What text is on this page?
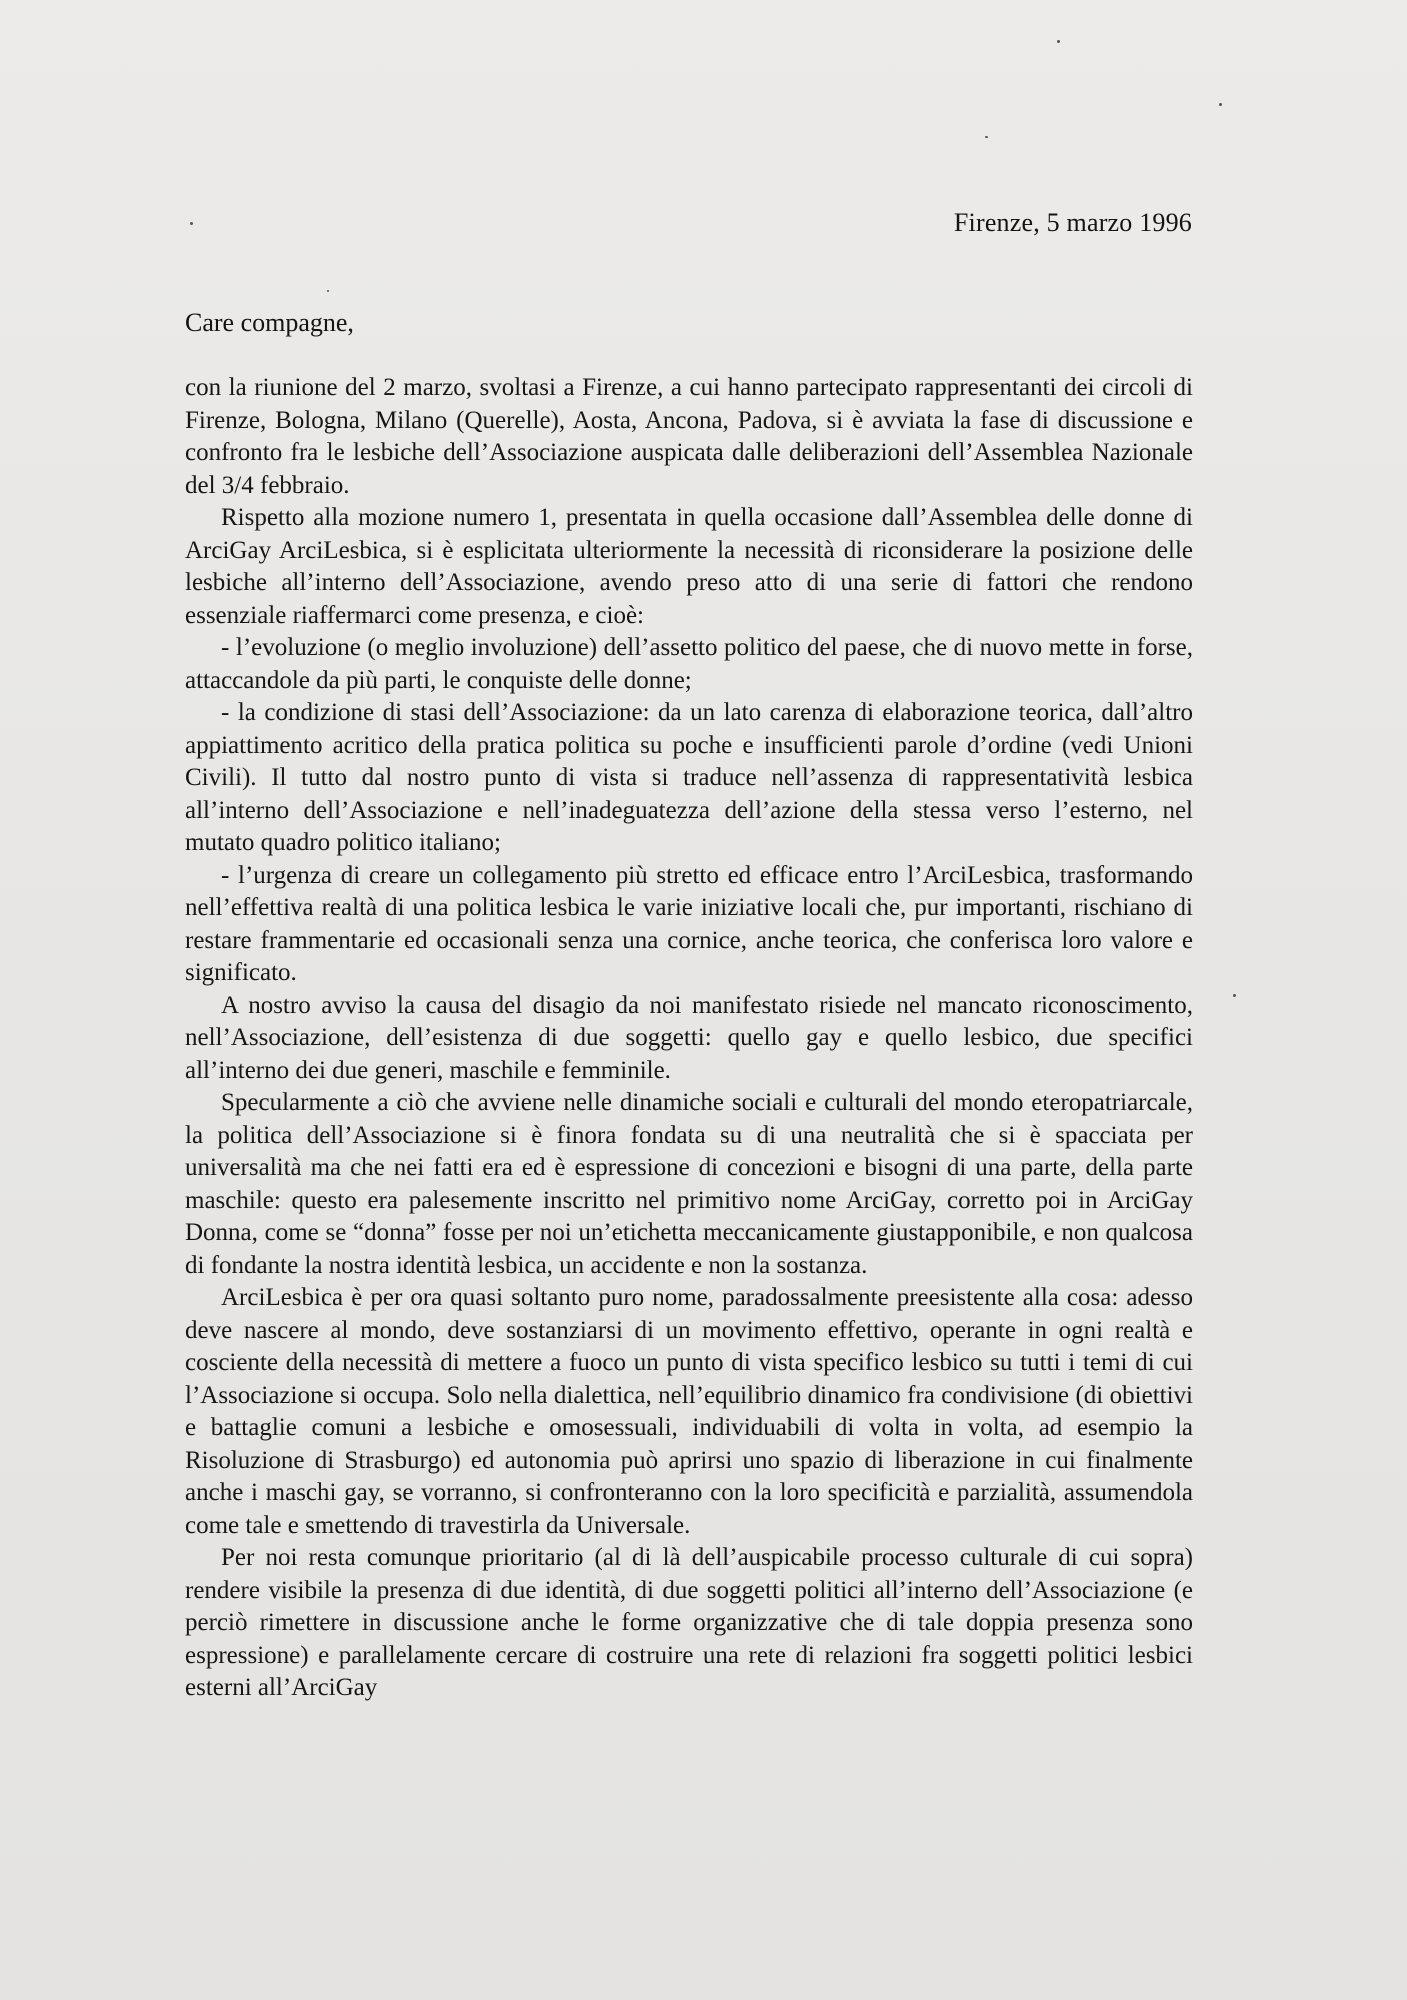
Firenze, 5 marzo 1996
Care compagne,

con la riunione del 2 marzo, svoltasi a Firenze, a cui hanno partecipato rappresentanti dei circoli di Firenze, Bologna, Milano (Querelle), Aosta, Ancona, Padova, si è avviata la fase di discussione e confronto fra le lesbiche dell’Associazione auspicata dalle deliberazioni dell’Assemblea Nazionale del 3/4 febbraio.

Rispetto alla mozione numero 1, presentata in quella occasione dall’Assemblea delle donne di ArciGay ArciLesbica, si è esplicitata ulteriormente la necessità di riconsiderare la posizione delle lesbiche all’interno dell’Associazione, avendo preso atto di una serie di fattori che rendono essenziale riaffermarci come presenza, e cioè:

- l’evoluzione (o meglio involuzione) dell’assetto politico del paese, che di nuovo mette in forse, attaccandole da più parti, le conquiste delle donne;

- la condizione di stasi dell’Associazione: da un lato carenza di elaborazione teorica, dall’altro appiattimento acritico della pratica politica su poche e insufficienti parole d’ordine (vedi Unioni Civili). Il tutto dal nostro punto di vista si traduce nell’assenza di rappresentatività lesbica all’interno dell’Associazione e nell’inadeguatezza dell’azione della stessa verso l’esterno, nel mutato quadro politico italiano;

- l’urgenza di creare un collegamento più stretto ed efficace entro l’ArciLesbica, trasformando nell’effettiva realtà di una politica lesbica le varie iniziative locali che, pur importanti, rischiano di restare frammentarie ed occasionali senza una cornice, anche teorica, che conferisca loro valore e significato.

A nostro avviso la causa del disagio da noi manifestato risiede nel mancato riconoscimento, nell’Associazione, dell’esistenza di due soggetti: quello gay e quello lesbico, due specifici all’interno dei due generi, maschile e femminile.

Specularmente a ciò che avviene nelle dinamiche sociali e culturali del mondo eteropatriarcale, la politica dell’Associazione si è finora fondata su di una neutralità che si è spacciata per universalità ma che nei fatti era ed è espressione di concezioni e bisogni di una parte, della parte maschile: questo era palesemente inscritto nel primitivo nome ArciGay, corretto poi in ArciGay Donna, come se “donna” fosse per noi un’etichetta meccanicamente giustapponibile, e non qualcosa di fondante la nostra identità lesbica, un accidente e non la sostanza.

ArciLesbica è per ora quasi soltanto puro nome, paradossalmente preesistente alla cosa: adesso deve nascere al mondo, deve sostanziarsi di un movimento effettivo, operante in ogni realtà e cosciente della necessità di mettere a fuoco un punto di vista specifico lesbico su tutti i temi di cui l’Associazione si occupa. Solo nella dialettica, nell’equilibrio dinamico fra condivisione (di obiettivi e battaglie comuni a lesbiche e omosessuali, individuabili di volta in volta, ad esempio la Risoluzione di Strasburgo) ed autonomia può aprirsi uno spazio di liberazione in cui finalmente anche i maschi gay, se vorranno, si confronteranno con la loro specificità e parzialità, assumendola come tale e smettendo di travestirla da Universale.

Per noi resta comunque prioritario (al di là dell’auspicabile processo culturale di cui sopra) rendere visibile la presenza di due identità, di due soggetti politici all’interno dell’Associazione (e perciò rimettere in discussione anche le forme organizzative che di tale doppia presenza sono espressione) e parallelamente cercare di costruire una rete di relazioni fra soggetti politici lesbici esterni all’ArciGay
